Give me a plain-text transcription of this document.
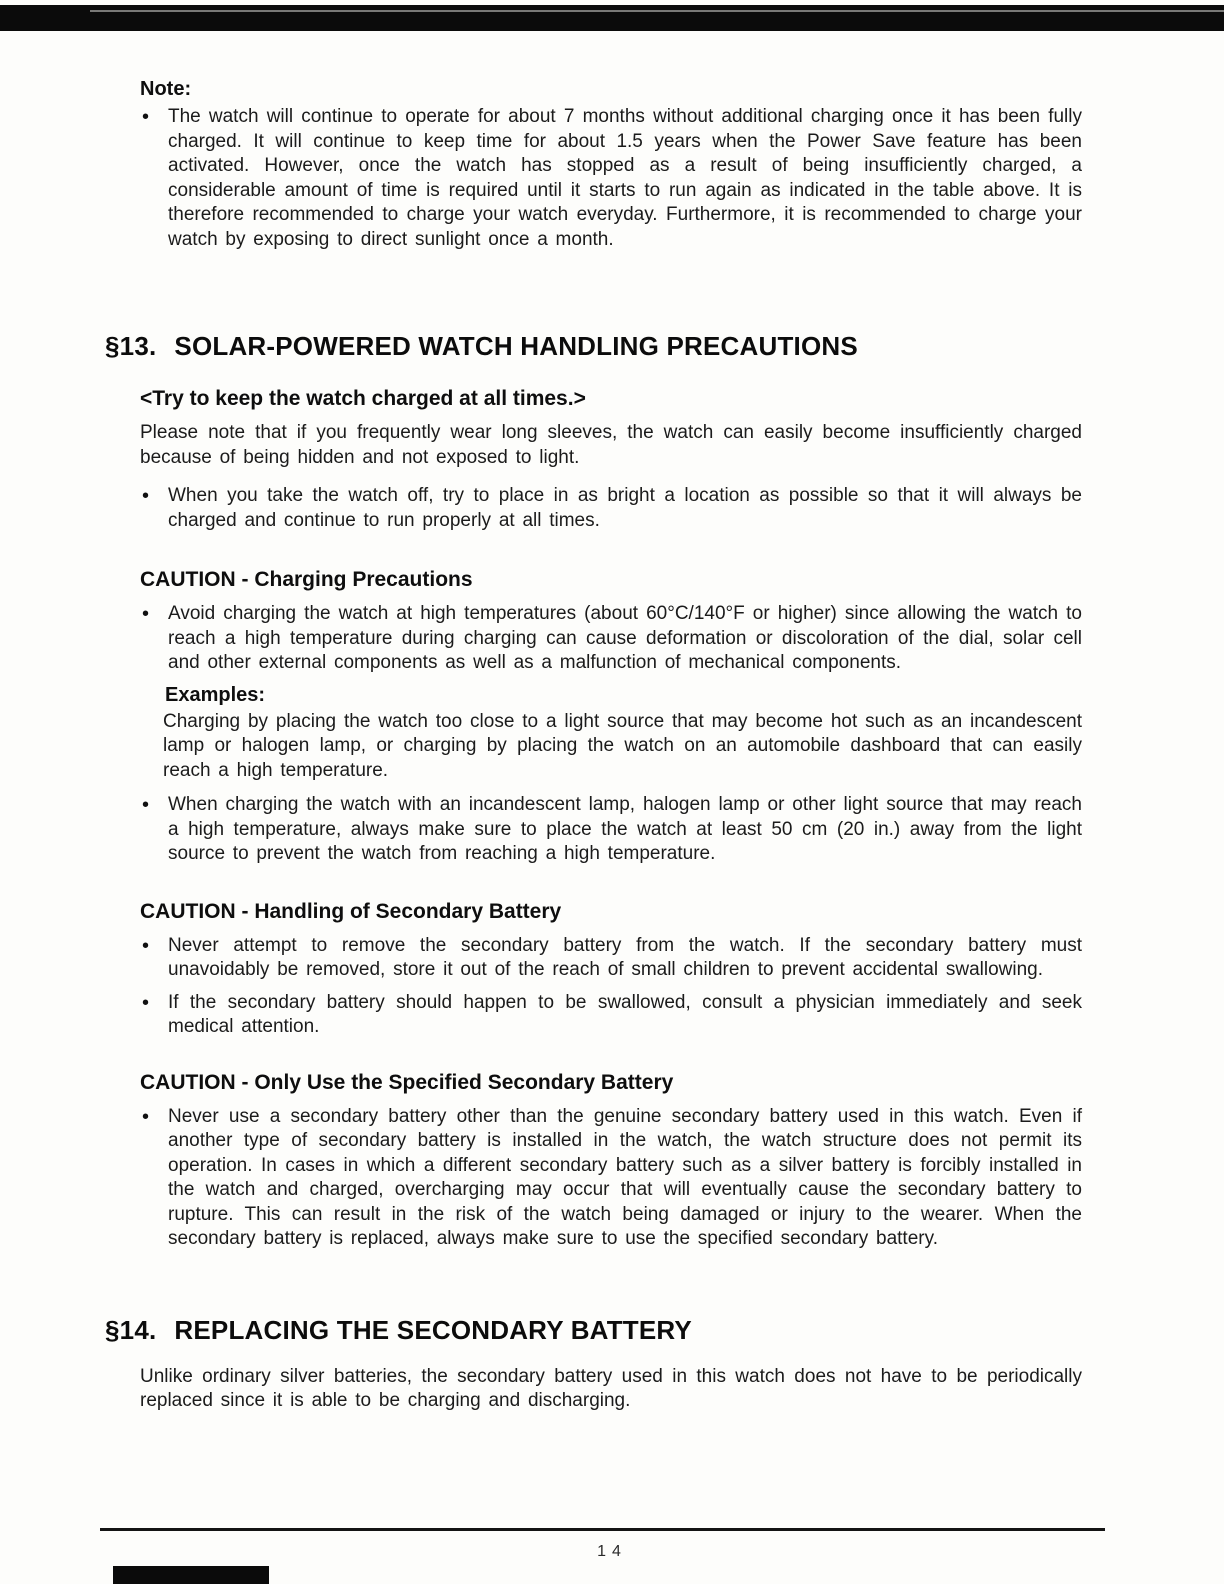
Note:
• The watch will continue to operate for about 7 months without additional charging once it has been fully charged. It will continue to keep time for about 1.5 years when the Power Save feature has been activated. However, once the watch has stopped as a result of being insufficiently charged, a considerable amount of time is required until it starts to run again as indicated in the table above. It is therefore recommended to charge your watch everyday. Furthermore, it is recommended to charge your watch by exposing to direct sunlight once a month.
§13. SOLAR-POWERED WATCH HANDLING PRECAUTIONS
<Try to keep the watch charged at all times.>
Please note that if you frequently wear long sleeves, the watch can easily become insufficiently charged because of being hidden and not exposed to light.
• When you take the watch off, try to place in as bright a location as possible so that it will always be charged and continue to run properly at all times.
CAUTION - Charging Precautions
• Avoid charging the watch at high temperatures (about 60°C/140°F or higher) since allowing the watch to reach a high temperature during charging can cause deformation or discoloration of the dial, solar cell and other external components as well as a malfunction of mechanical components.
Examples:
Charging by placing the watch too close to a light source that may become hot such as an incandescent lamp or halogen lamp, or charging by placing the watch on an automobile dashboard that can easily reach a high temperature.
• When charging the watch with an incandescent lamp, halogen lamp or other light source that may reach a high temperature, always make sure to place the watch at least 50 cm (20 in.) away from the light source to prevent the watch from reaching a high temperature.
CAUTION - Handling of Secondary Battery
• Never attempt to remove the secondary battery from the watch. If the secondary battery must unavoidably be removed, store it out of the reach of small children to prevent accidental swallowing.
• If the secondary battery should happen to be swallowed, consult a physician immediately and seek medical attention.
CAUTION - Only Use the Specified Secondary Battery
• Never use a secondary battery other than the genuine secondary battery used in this watch. Even if another type of secondary battery is installed in the watch, the watch structure does not permit its operation. In cases in which a different secondary battery such as a silver battery is forcibly installed in the watch and charged, overcharging may occur that will eventually cause the secondary battery to rupture. This can result in the risk of the watch being damaged or injury to the wearer. When the secondary battery is replaced, always make sure to use the specified secondary battery.
§14. REPLACING THE SECONDARY BATTERY
Unlike ordinary silver batteries, the secondary battery used in this watch does not have to be periodically replaced since it is able to be charging and discharging.
14
